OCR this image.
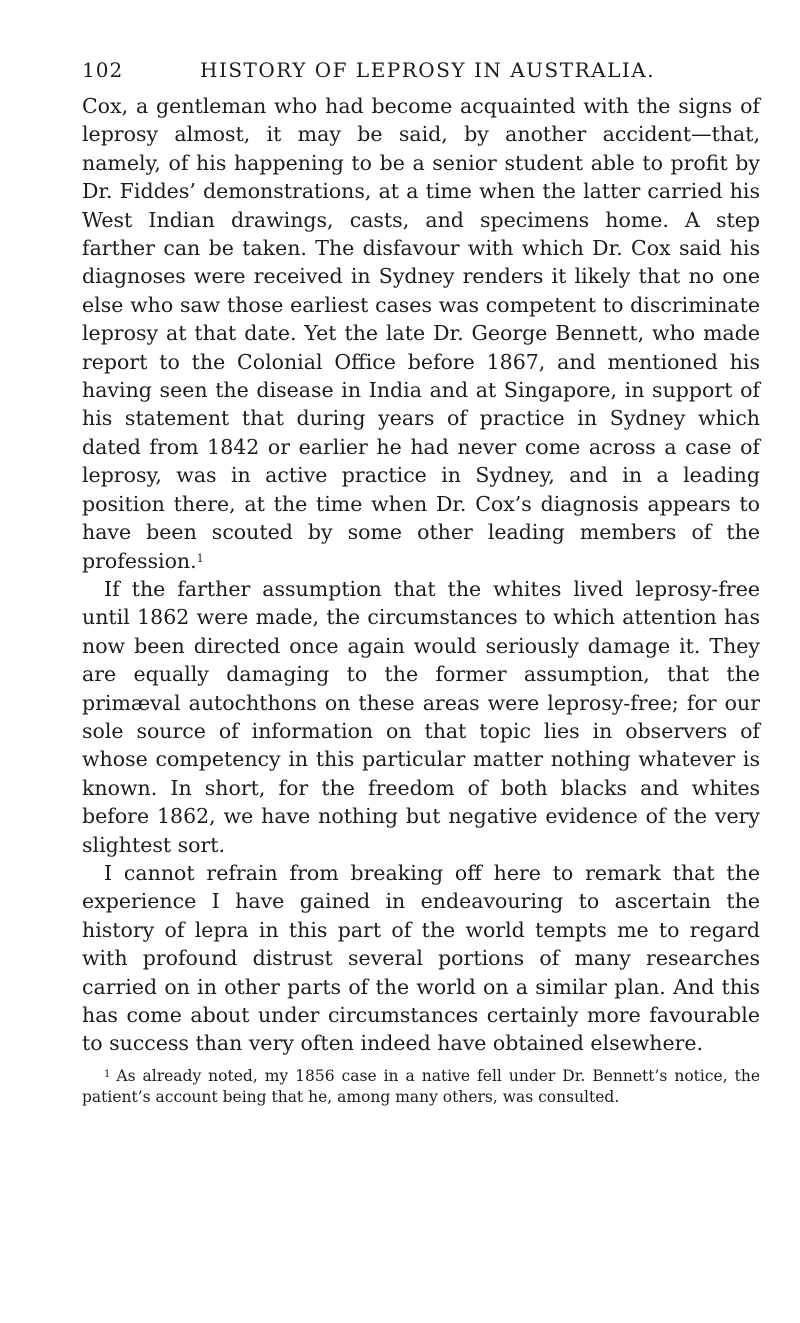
102	HISTORY OF LEPROSY IN AUSTRALIA.

Cox, a gentleman who had become acquainted with the signs of leprosy almost, it may be said, by another accident—that, namely, of his happening to be a senior student able to profit by Dr. Fiddes’ demonstrations, at a time when the latter carried his West Indian drawings, casts, and specimens home. A step farther can be taken. The disfavour with which Dr. Cox said his diagnoses were received in Sydney renders it likely that no one else who saw those earliest cases was competent to discriminate leprosy at that date. Yet the late Dr. George Bennett, who made report to the Colonial Office before 1867, and mentioned his having seen the disease in India and at Singapore, in support of his statement that during years of practice in Sydney which dated from 1842 or earlier he had never come across a case of leprosy, was in active practice in Sydney, and in a leading position there, at the time when Dr. Cox’s diagnosis appears to have been scouted by some other leading members of the profession.$^1$

If the farther assumption that the whites lived leprosy-free until 1862 were made, the circumstances to which attention has now been directed once again would seriously damage it. They are equally damaging to the former assumption, that the primæval autochthons on these areas were leprosy-free; for our sole source of information on that topic lies in observers of whose competency in this particular matter nothing whatever is known. In short, for the freedom of both blacks and whites before 1862, we have nothing but negative evidence of the very slightest sort.

I cannot refrain from breaking off here to remark that the experience I have gained in endeavouring to ascertain the history of lepra in this part of the world tempts me to regard with profound distrust several portions of many researches carried on in other parts of the world on a similar plan. And this has come about under circumstances certainly more favourable to success than very often indeed have obtained elsewhere.

$^1$ As already noted, my 1856 case in a native fell under Dr. Bennett’s notice, the patient’s account being that he, among many others, was consulted.
